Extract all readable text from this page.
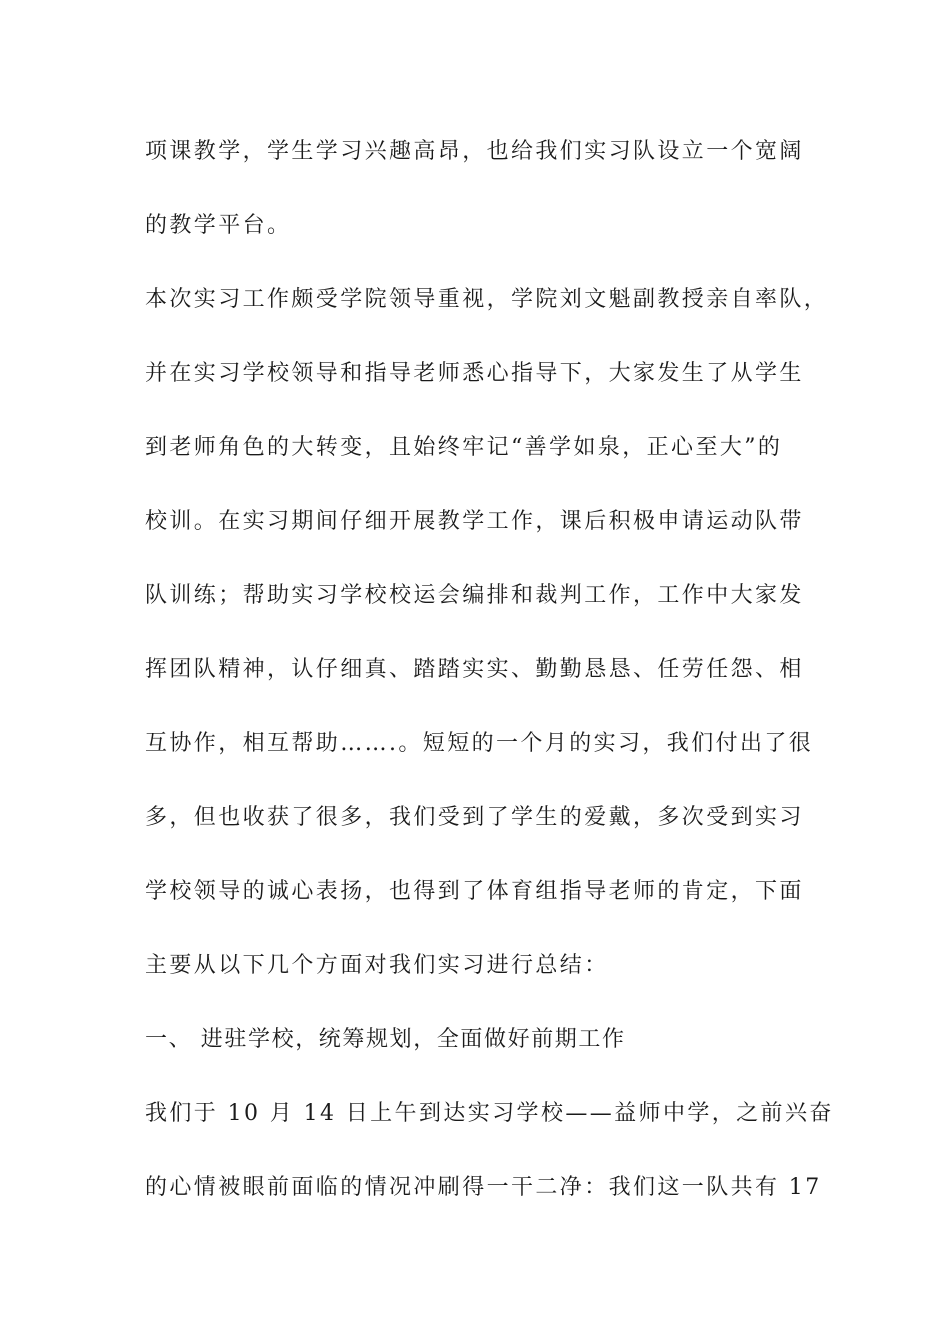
项课教学，学生学习兴趣高昂，也给我们实习队设立一个宽阔
的教学平台。
本次实习工作颇受学院领导重视，学院刘文魁副教授亲自率队，
并在实习学校领导和指导老师悉心指导下，大家发生了从学生
到老师角色的大转变，且始终牢记“善学如泉，正心至大”的
校训。在实习期间仔细开展教学工作，课后积极申请运动队带
队训练；帮助实习学校校运会编排和裁判工作，工作中大家发
挥团队精神，认仔细真、踏踏实实、勤勤恳恳、任劳任怨、相
互协作，相互帮助…….。短短的一个月的实习，我们付出了很
多，但也收获了很多，我们受到了学生的爱戴，多次受到实习
学校领导的诚心表扬，也得到了体育组指导老师的肯定，下面
主要从以下几个方面对我们实习进行总结：
一、 进驻学校，统筹规划，全面做好前期工作
我们于 10 月 14 日上午到达实习学校——益师中学，之前兴奋
的心情被眼前面临的情况冲刷得一干二净：我们这一队共有 17
